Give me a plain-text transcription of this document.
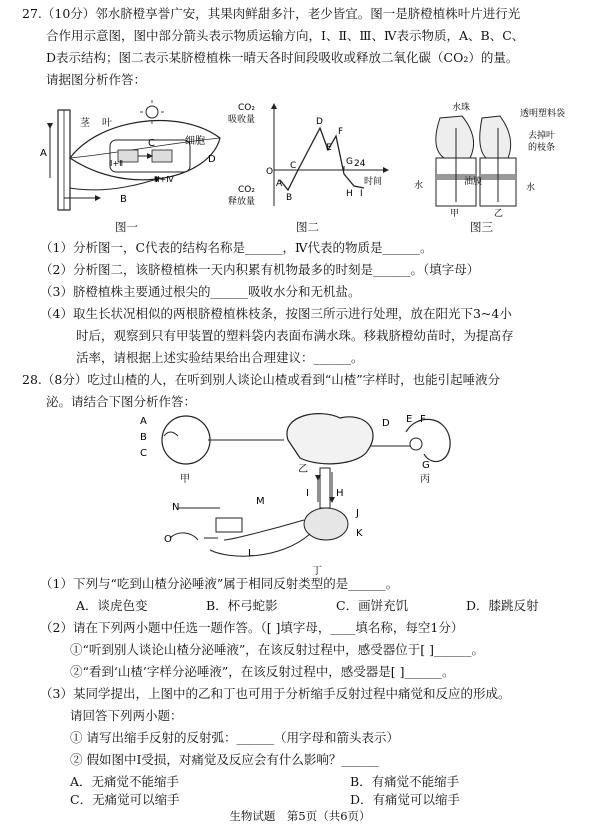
27.（10分）邻水脐橙享誉广安，其果肉鲜甜多汁，老少皆宜。图一是脐橙植株叶片进行光
合作用示意图，图中部分箭头表示物质运输方向，Ⅰ、Ⅱ、Ⅲ、Ⅳ表示物质，A、B、C、
D表示结构；图二表示某脐橙植株一晴天各时间段吸收或释放二氧化碳（CO₂）的量。
请据图分析作答：
A
茎 叶
细胞
C
D
B
Ⅰ+Ⅱ
Ⅲ+Ⅳ
图一
CO₂
吸收量
CO₂
释放量
时间
O
C
E
D
F
G
A
B	H I
24
图二
水珠
透明塑料袋
去掉叶
的枝条
水	水
油膜
甲	乙
图三
（1）分析图一，C代表的结构名称是______，Ⅳ代表的物质是______。
（2）分析图二，该脐橙植株一天内积累有机物最多的时刻是______。（填字母）
（3）脐橙植株主要通过根尖的______吸收水分和无机盐。
（4）取生长状况相似的两根脐橙植株枝条，按图三所示进行处理，放在阳光下3~4小
时后，观察到只有甲装置的塑料袋内表面布满水珠。移栽脐橙幼苗时，为提高存
活率，请根据上述实验结果给出合理建议：______。
28.（8分）吃过山楂的人，在听到别人谈论山楂或看到“山楂”字样时，也能引起唾液分
泌。请结合下图分析作答：
A
B
C
D E F
G
丙
甲
乙
I	H
M
N
O
L
J
K
丁
（1）下列与“吃到山楂分泌唾液”属于相同反射类型的是______。
A．谈虎色变	B．杯弓蛇影	C．画饼充饥	D．膝跳反射
（2）请在下列两小题中任选一题作答。（[ ]填字母，____填名称，每空1分）
①“听到别人谈论山楂分泌唾液”，在该反射过程中，感受器位于[ ]______。
②“看到‘山楂’字样分泌唾液”，在该反射过程中，感受器是[ ]______。
（3）某同学提出，上图中的乙和丁也可用于分析缩手反射过程中痛觉和反应的形成。
请回答下列两小题：
① 请写出缩手反射的反射弧：______（用字母和箭头表示）
② 假如图中Ⅰ受损，对痛觉及反应会有什么影响？______
A．无痛觉不能缩手	B．有痛觉不能缩手
C．无痛觉可以缩手	D．有痛觉可以缩手
生物试题　第5页（共6页）
